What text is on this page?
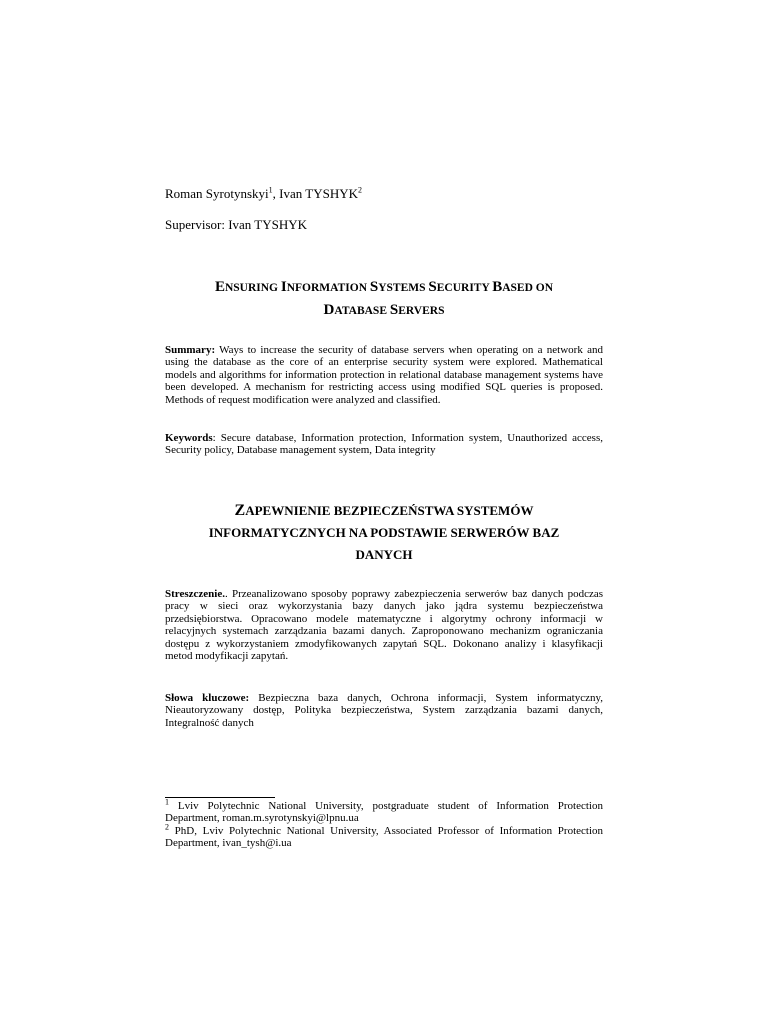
Roman Syrotynskyi$^1$, Ivan TYSHYK$^2$
Supervisor: Ivan TYSHYK
ENSURING INFORMATION SYSTEMS SECURITY BASED ON
DATABASE SERVERS

Summary: Ways to increase the security of database servers when operating on a network and using the database as the core of an enterprise security system were explored. Mathematical models and algorithms for information protection in relational database management systems have been developed. A mechanism for restricting access using modified SQL queries is proposed. Methods of request modification were analyzed and classified.

Keywords: Secure database, Information protection, Information system, Unauthorized access, Security policy, Database management system, Data integrity

ZAPEWNIENIE BEZPIECZEŃSTWA SYSTEMÓW
INFORMATYCZNYCH NA PODSTAWIE SERWERÓW BAZ
DANYCH

Streszczenie.. Przeanalizowano sposoby poprawy zabezpieczenia serwerów baz danych podczas pracy w sieci oraz wykorzystania bazy danych jako jądra systemu bezpieczeństwa przedsiębiorstwa. Opracowano modele matematyczne i algorytmy ochrony informacji w relacyjnych systemach zarządzania bazami danych. Zaproponowano mechanizm ograniczania dostępu z wykorzystaniem zmodyfikowanych zapytań SQL. Dokonano analizy i klasyfikacji metod modyfikacji zapytań.

Słowa kluczowe: Bezpieczna baza danych, Ochrona informacji, System informatyczny, Nieautoryzowany dostęp, Polityka bezpieczeństwa, System zarządzania bazami danych, Integralność danych

$^1$ Lviv Polytechnic National University, postgraduate student of Information Protection Department, roman.m.syrotynskyi@lpnu.ua

$^2$ PhD, Lviv Polytechnic National University, Associated Professor of Information Protection Department, ivan_tysh@i.ua
